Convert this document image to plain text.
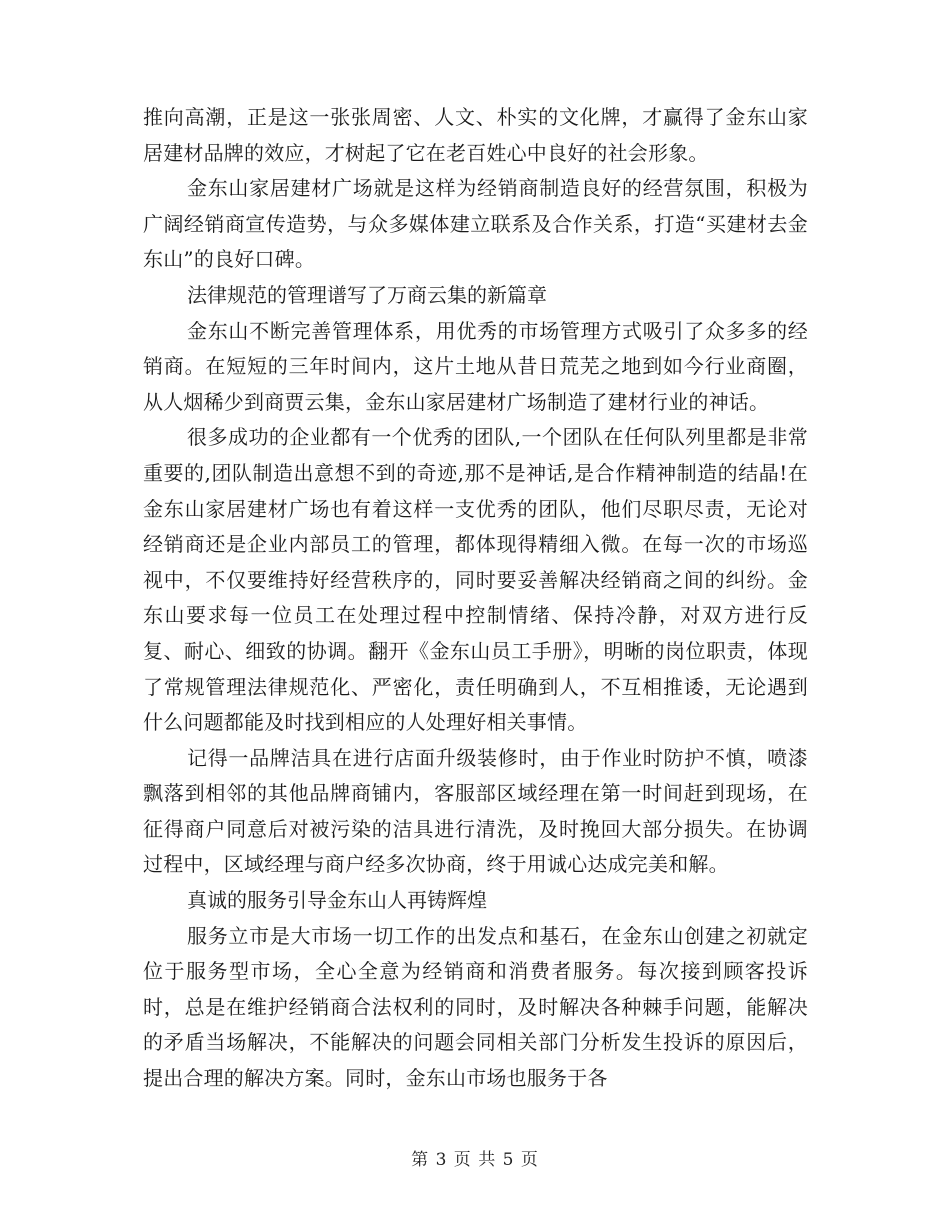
推向高潮，正是这一张张周密、人文、朴实的文化牌，才赢得了金东山家居建材品牌的效应，才树起了它在老百姓心中良好的社会形象。

金东山家居建材广场就是这样为经销商制造良好的经营氛围，积极为广阔经销商宣传造势，与众多媒体建立联系及合作关系，打造“买建材去金东山”的良好口碑。

法律规范的管理谱写了万商云集的新篇章

金东山不断完善管理体系，用优秀的市场管理方式吸引了众多多的经销商。在短短的三年时间内，这片土地从昔日荒芜之地到如今行业商圈，从人烟稀少到商贾云集，金东山家居建材广场制造了建材行业的神话。

很多成功的企业都有一个优秀的团队,一个团队在任何队列里都是非常重要的,团队制造出意想不到的奇迹,那不是神话,是合作精神制造的结晶!在金东山家居建材广场也有着这样一支优秀的团队，他们尽职尽责，无论对经销商还是企业内部员工的管理，都体现得精细入微。在每一次的市场巡视中，不仅要维持好经营秩序的，同时要妥善解决经销商之间的纠纷。金东山要求每一位员工在处理过程中控制情绪、保持冷静，对双方进行反复、耐心、细致的协调。翻开《金东山员工手册》，明晰的岗位职责，体现了常规管理法律规范化、严密化，责任明确到人，不互相推诿，无论遇到什么问题都能及时找到相应的人处理好相关事情。

记得一品牌洁具在进行店面升级装修时，由于作业时防护不慎，喷漆飘落到相邻的其他品牌商铺内，客服部区域经理在第一时间赶到现场，在征得商户同意后对被污染的洁具进行清洗，及时挽回大部分损失。在协调过程中，区域经理与商户经多次协商，终于用诚心达成完美和解。

真诚的服务引导金东山人再铸辉煌

服务立市是大市场一切工作的出发点和基石，在金东山创建之初就定位于服务型市场，全心全意为经销商和消费者服务。每次接到顾客投诉时，总是在维护经销商合法权利的同时，及时解决各种棘手问题，能解决的矛盾当场解决，不能解决的问题会同相关部门分析发生投诉的原因后，提出合理的解决方案。同时，金东山市场也服务于各

第 3 页 共 5 页
